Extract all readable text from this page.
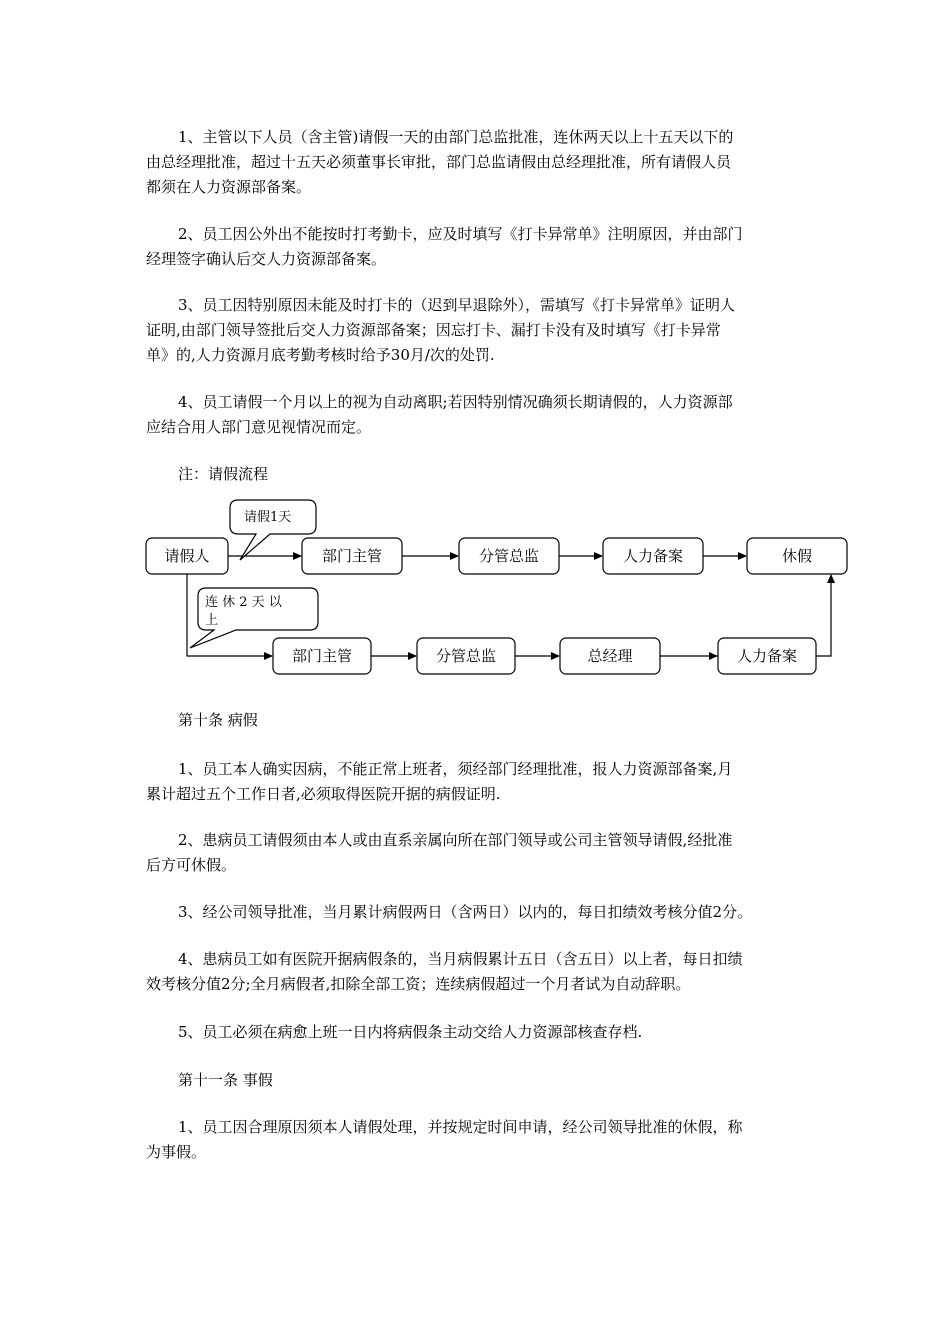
1、主管以下人员（含主管)请假一天的由部门总监批准，连休两天以上十五天以下的
由总经理批准，超过十五天必须董事长审批，部门总监请假由总经理批准，所有请假人员
都须在人力资源部备案。

2、员工因公外出不能按时打考勤卡，应及时填写《打卡异常单》注明原因，并由部门
经理签字确认后交人力资源部备案。

3、员工因特别原因未能及时打卡的（迟到早退除外），需填写《打卡异常单》证明人
证明,由部门领导签批后交人力资源部备案；因忘打卡、漏打卡没有及时填写《打卡异常
单》的,人力资源月底考勤考核时给予30月/次的处罚.

4、员工请假一个月以上的视为自动离职;若因特别情况确须长期请假的，人力资源部
应结合用人部门意见视情况而定。

注：请假流程
请假人	部门主管	分管总监	人力备案	休假
部门主管	分管总监	总经理	人力备案
请假1天
连 休 2 天 以
上
第十条 病假

1、员工本人确实因病，不能正常上班者，须经部门经理批准，报人力资源部备案,月
累计超过五个工作日者,必须取得医院开据的病假证明.

2、患病员工请假须由本人或由直系亲属向所在部门领导或公司主管领导请假,经批准
后方可休假。

3、经公司领导批准，当月累计病假两日（含两日）以内的，每日扣绩效考核分值2分。

4、患病员工如有医院开据病假条的，当月病假累计五日（含五日）以上者，每日扣绩
效考核分值2分;全月病假者,扣除全部工资；连续病假超过一个月者试为自动辞职。

5、员工必须在病愈上班一日内将病假条主动交给人力资源部核查存档.

第十一条 事假

1、员工因合理原因须本人请假处理，并按规定时间申请，经公司领导批准的休假，称
为事假。
